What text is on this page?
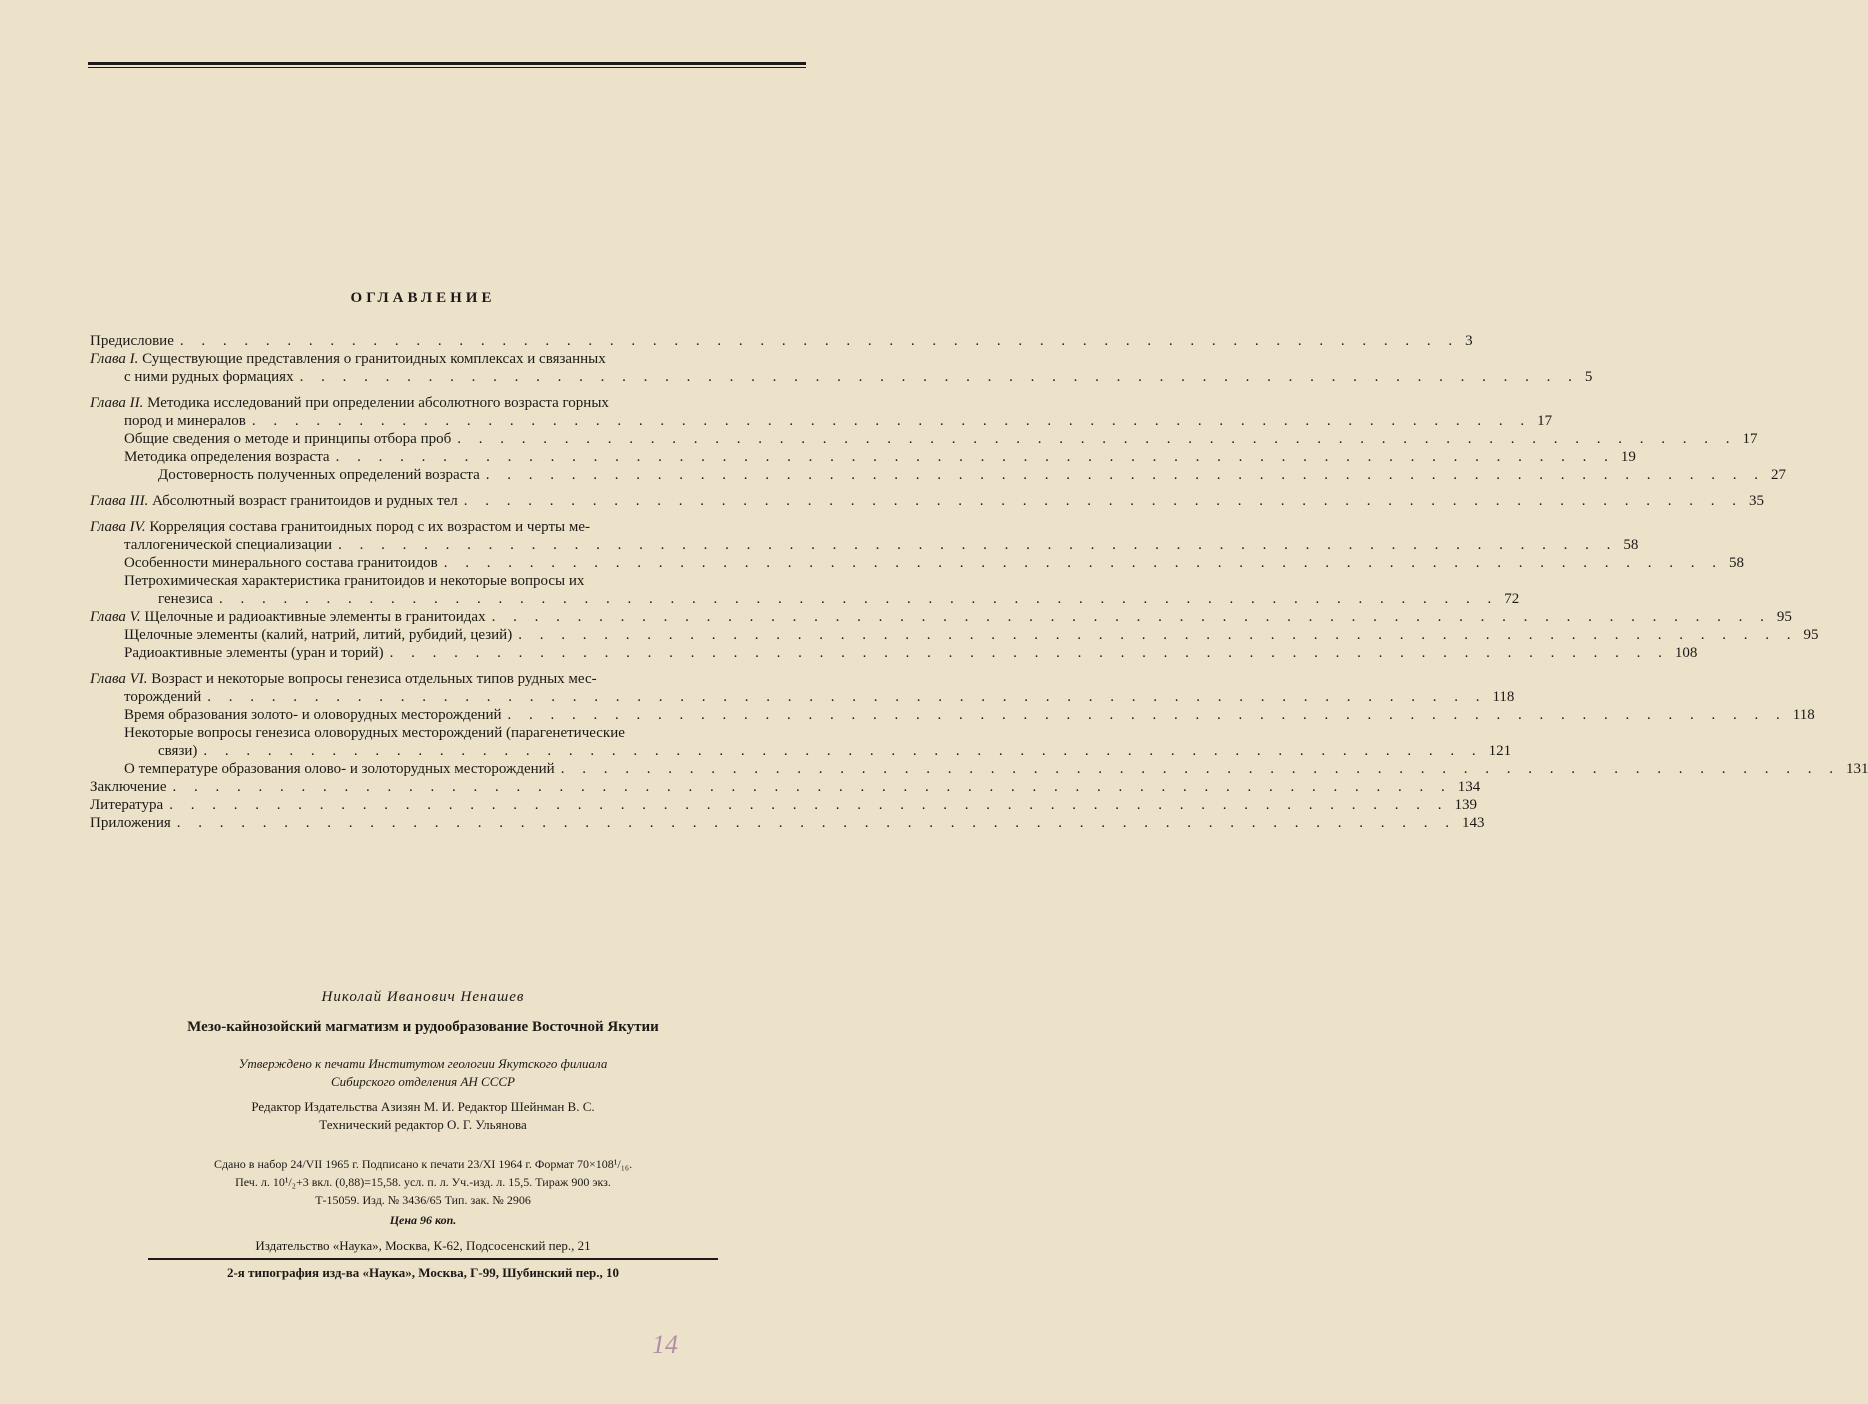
ОГЛАВЛЕНИЕ
Предисловие . . . . . . . . . . . . . . . . . . . . . . . . . . . . . . . . . . . . . . . . . . . . . . . . . . . . . . . . . . . . 3
Глава I. Существующие представления о гранитоидных комплексах и связанных
с ними рудных формациях . . . . . . . . . . . . . . . . . . . . . . . . . . . . . . . . . . . . . . . . . . . . . . . . . . . . . . . . . . . . 5
Глава II. Методика исследований при определении абсолютного возраста горных
пород и минералов . . . . . . . . . . . . . . . . . . . . . . . . . . . . . . . . . . . . . . . . . . . . . . . . . . . . . . . . . . . . 17
Общие сведения о методе и принципы отбора проб . . . . . . . . . . . . . . . . . . . . . . . . . . . . . . . . . . . . . . . . . . . . . . . . . . . . . . . . . . . . 17
Методика определения возраста . . . . . . . . . . . . . . . . . . . . . . . . . . . . . . . . . . . . . . . . . . . . . . . . . . . . . . . . . . . . 19
Достоверность полученных определений возраста . . . . . . . . . . . . . . . . . . . . . . . . . . . . . . . . . . . . . . . . . . . . . . . . . . . . . . . . . . . . 27
Глава III. Абсолютный возраст гранитоидов и рудных тел . . . . . . . . . . . . . . . . . . . . . . . . . . . . . . . . . . . . . . . . . . . . . . . . . . . . . . . . . . . . 35
Глава IV. Корреляция состава гранитоидных пород с их возрастом и черты ме-
таллогенической специализации . . . . . . . . . . . . . . . . . . . . . . . . . . . . . . . . . . . . . . . . . . . . . . . . . . . . . . . . . . . . 58
Особенности минерального состава гранитоидов . . . . . . . . . . . . . . . . . . . . . . . . . . . . . . . . . . . . . . . . . . . . . . . . . . . . . . . . . . . . 58
Петрохимическая характеристика гранитоидов и некоторые вопросы их
генезиса . . . . . . . . . . . . . . . . . . . . . . . . . . . . . . . . . . . . . . . . . . . . . . . . . . . . . . . . . . . . 72
Глава V. Щелочные и радиоактивные элементы в гранитоидах . . . . . . . . . . . . . . . . . . . . . . . . . . . . . . . . . . . . . . . . . . . . . . . . . . . . . . . . . . . . 95
Щелочные элементы (калий, натрий, литий, рубидий, цезий) . . . . . . . . . . . . . . . . . . . . . . . . . . . . . . . . . . . . . . . . . . . . . . . . . . . . . . . . . . . . 95
Радиоактивные элементы (уран и торий) . . . . . . . . . . . . . . . . . . . . . . . . . . . . . . . . . . . . . . . . . . . . . . . . . . . . . . . . . . . . 108
Глава VI. Возраст и некоторые вопросы генезиса отдельных типов рудных мес-
торождений . . . . . . . . . . . . . . . . . . . . . . . . . . . . . . . . . . . . . . . . . . . . . . . . . . . . . . . . . . . . 118
Время образования золото- и оловорудных месторождений . . . . . . . . . . . . . . . . . . . . . . . . . . . . . . . . . . . . . . . . . . . . . . . . . . . . . . . . . . . . 118
Некоторые вопросы генезиса оловорудных месторождений (парагенетические
связи) . . . . . . . . . . . . . . . . . . . . . . . . . . . . . . . . . . . . . . . . . . . . . . . . . . . . . . . . . . . . 121
О температуре образования олово- и золоторудных месторождений . . . . . . . . . . . . . . . . . . . . . . . . . . . . . . . . . . . . . . . . . . . . . . . . . . . . . . . . . . . . 131
Заключение . . . . . . . . . . . . . . . . . . . . . . . . . . . . . . . . . . . . . . . . . . . . . . . . . . . . . . . . . . . . 134
Литература . . . . . . . . . . . . . . . . . . . . . . . . . . . . . . . . . . . . . . . . . . . . . . . . . . . . . . . . . . . . 139
Приложения . . . . . . . . . . . . . . . . . . . . . . . . . . . . . . . . . . . . . . . . . . . . . . . . . . . . . . . . . . . . 143
Николай Иванович Ненашев
Мезо-кайнозойский магматизм и рудообразование Восточной Якутии
Утверждено к печати Институтом геологии Якутского филиала
Сибирского отделения АН СССР
Редактор Издательства Азизян М. И. Редактор Шейнман В. С.
Технический редактор О. Г. Ульянова
Сдано в набор 24/VII 1965 г. Подписано к печати 23/XI 1964 г. Формат 70×108¹/₁₆.
Печ. л. 10¹/₂+3 вкл. (0,88)=15,58. усл. п. л. Уч.-изд. л. 15,5. Тираж 900 экз.
Т-15059. Изд. № 3436/65 Тип. зак. № 2906
Цена 96 коп.
Издательство «Наука», Москва, К-62, Подсосенский пер., 21
2-я типография изд-ва «Наука», Москва, Г-99, Шубинский пер., 10
14
